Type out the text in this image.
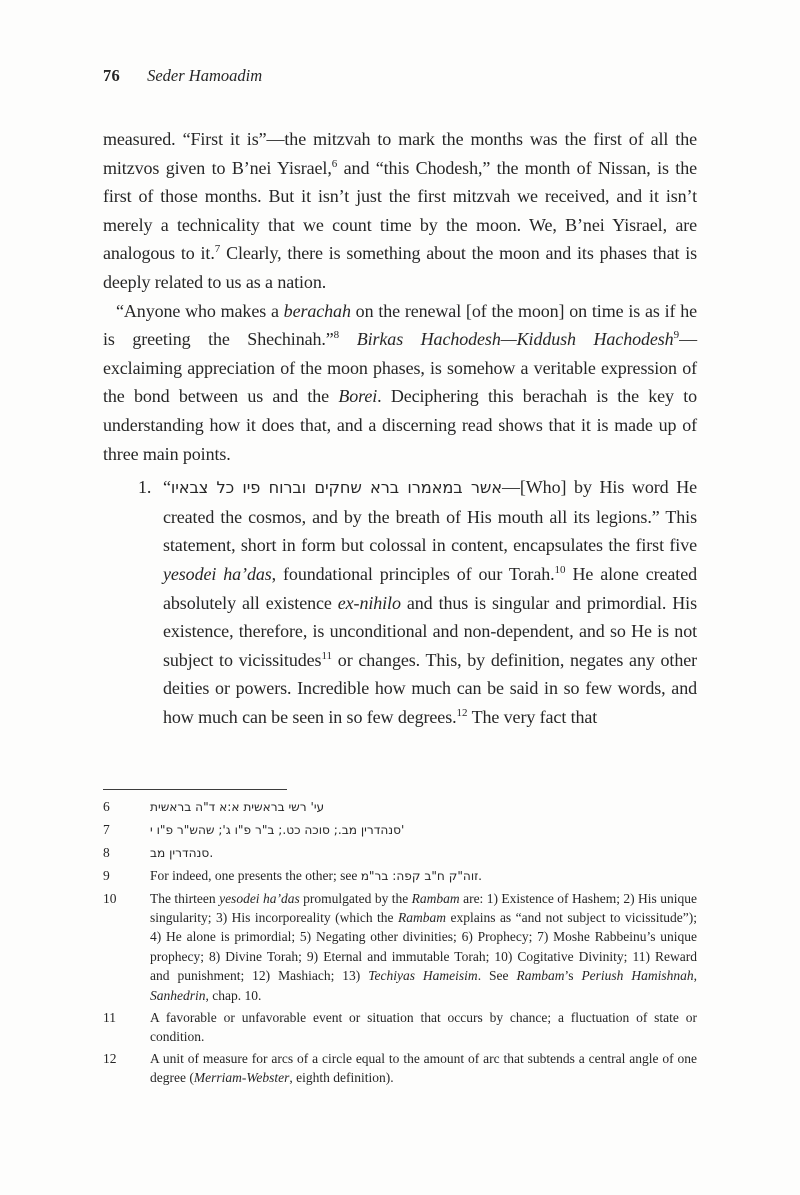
76 Seder Hamoadim

measured. “First it is”—the mitzvah to mark the months was the first of all the mitzvos given to B’nei Yisrael,$^6$ and “this Chodesh,” the month of Nissan, is the first of those months. But it isn’t just the first mitzvah we received, and it isn’t merely a technicality that we count time by the moon. We, B’nei Yisrael, are analogous to it.$^7$ Clearly, there is something about the moon and its phases that is deeply related to us as a nation.

“Anyone who makes a berachah on the renewal [of the moon] on time is as if he is greeting the Shechinah.”$^8$ Birkas Hachodesh—Kiddush Hachodesh$^9$—exclaiming appreciation of the moon phases, is somehow a veritable expression of the bond between us and the Borei. Deciphering this berachah is the key to understanding how it does that, and a discerning read shows that it is made up of three main points.

1. “אשר במאמרו ברא שחקים וברוח פיו כל צבאיו—[Who] by His word He created the cosmos, and by the breath of His mouth all its legions.” This statement, short in form but colossal in content, encapsulates the first five yesodei ha’das, foundational principles of our Torah.$^{10}$ He alone created absolutely all existence ex-nihilo and thus is singular and primordial. His existence, therefore, is unconditional and non-dependent, and so He is not subject to vicissitudes$^{11}$ or changes. This, by definition, negates any other deities or powers. Incredible how much can be said in so few words, and how much can be seen in so few degrees.$^{12}$ The very fact that
6	עי' רשי בראשית א:א ד"ה בראשית
7	סנהדרין מב.; סוכה כט.; ב"ר פ"ו ג'; שהש"ר פ"ו י'
8	סנהדרין מב.
9	For indeed, one presents the other; see זוה"ק ח"ב קפה: בר"מ.
10	The thirteen yesodei ha’das promulgated by the Rambam are: 1) Existence of Hashem; 2) His unique singularity; 3) His incorporeality (which the Rambam explains as “and not subject to vicissitude”); 4) He alone is primordial; 5) Negating other divinities; 6) Prophecy; 7) Moshe Rabbeinu’s unique prophecy; 8) Divine Torah; 9) Eternal and immutable Torah; 10) Cogitative Divinity; 11) Reward and punishment; 12) Mashiach; 13) Techiyas Hameisim. See Rambam’s Periush Hamishnah, Sanhedrin, chap. 10.
11	A favorable or unfavorable event or situation that occurs by chance; a fluctuation of state or condition.
12	A unit of measure for arcs of a circle equal to the amount of arc that subtends a central angle of one degree (Merriam-Webster, eighth definition).
